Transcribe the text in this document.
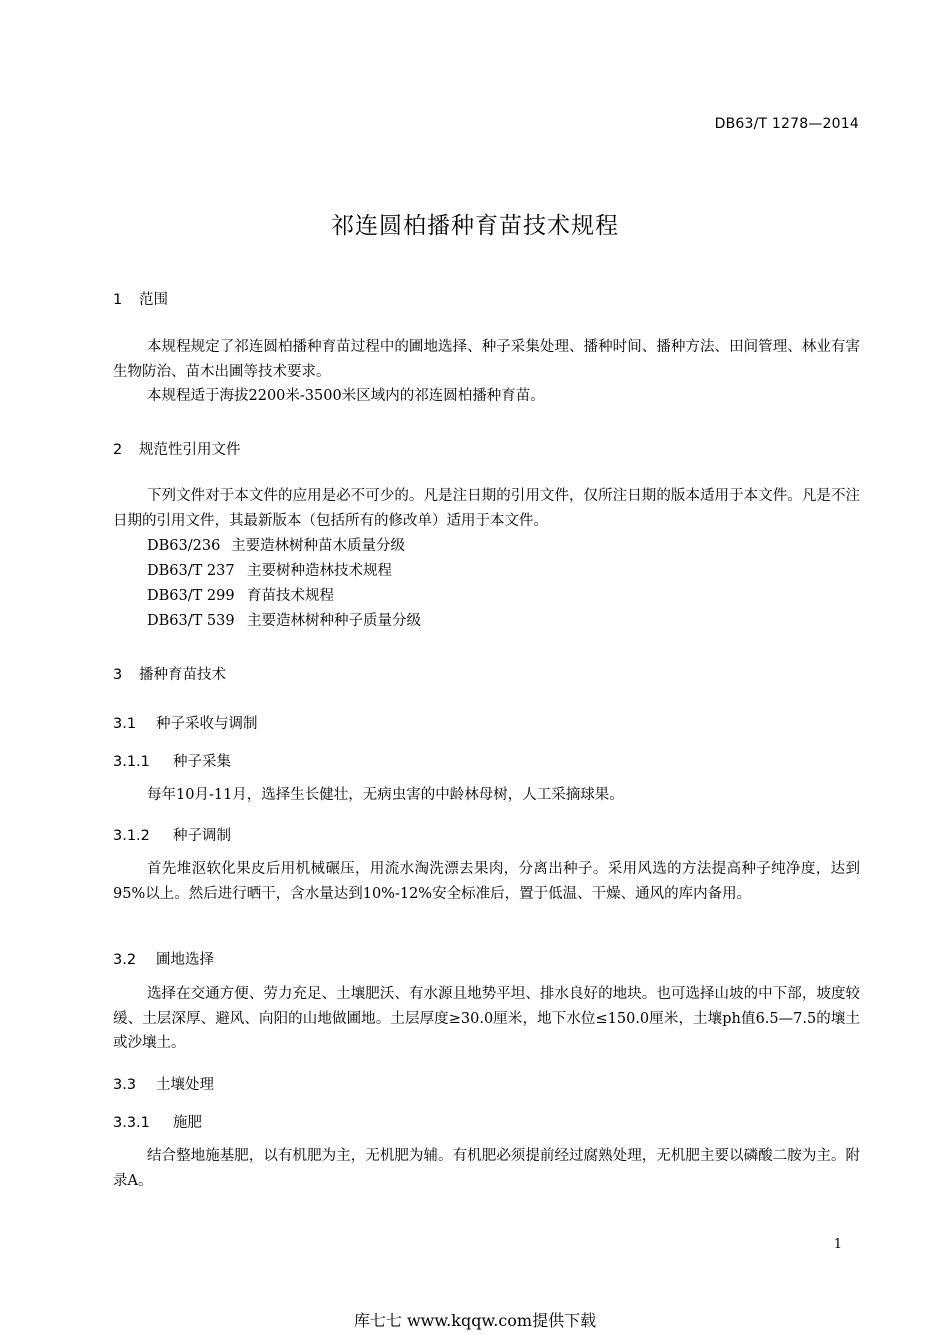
DB63/T 1278—2014
祁连圆柏播种育苗技术规程
1 范围
本规程规定了祁连圆柏播种育苗过程中的圃地选择、种子采集处理、播种时间、播种方法、田间管理、林业有害生物防治、苗木出圃等技术要求。
本规程适于海拔2200米-3500米区域内的祁连圆柏播种育苗。
2 规范性引用文件
下列文件对于本文件的应用是必不可少的。凡是注日期的引用文件，仅所注日期的版本适用于本文件。凡是不注日期的引用文件，其最新版本（包括所有的修改单）适用于本文件。
DB63/236 主要造林树种苗木质量分级
DB63/T 237 主要树种造林技术规程
DB63/T 299 育苗技术规程
DB63/T 539 主要造林树种种子质量分级
3 播种育苗技术
3.1 种子采收与调制
3.1.1 种子采集
每年10月-11月，选择生长健壮，无病虫害的中龄林母树，人工采摘球果。
3.1.2 种子调制
首先堆沤软化果皮后用机械碾压，用流水淘洗漂去果肉，分离出种子。采用风选的方法提高种子纯净度，达到95%以上。然后进行晒干，含水量达到10%-12%安全标准后，置于低温、干燥、通风的库内备用。
3.2 圃地选择
选择在交通方便、劳力充足、土壤肥沃、有水源且地势平坦、排水良好的地块。也可选择山坡的中下部，坡度较缓、土层深厚、避风、向阳的山地做圃地。土层厚度≥30.0厘米，地下水位≤150.0厘米，土壤ph值6.5—7.5的壤土或沙壤土。
3.3 土壤处理
3.3.1 施肥
结合整地施基肥，以有机肥为主，无机肥为辅。有机肥必须提前经过腐熟处理，无机肥主要以磷酸二胺为主。附录A。
1
库七七 www.kqqw.com提供下载
